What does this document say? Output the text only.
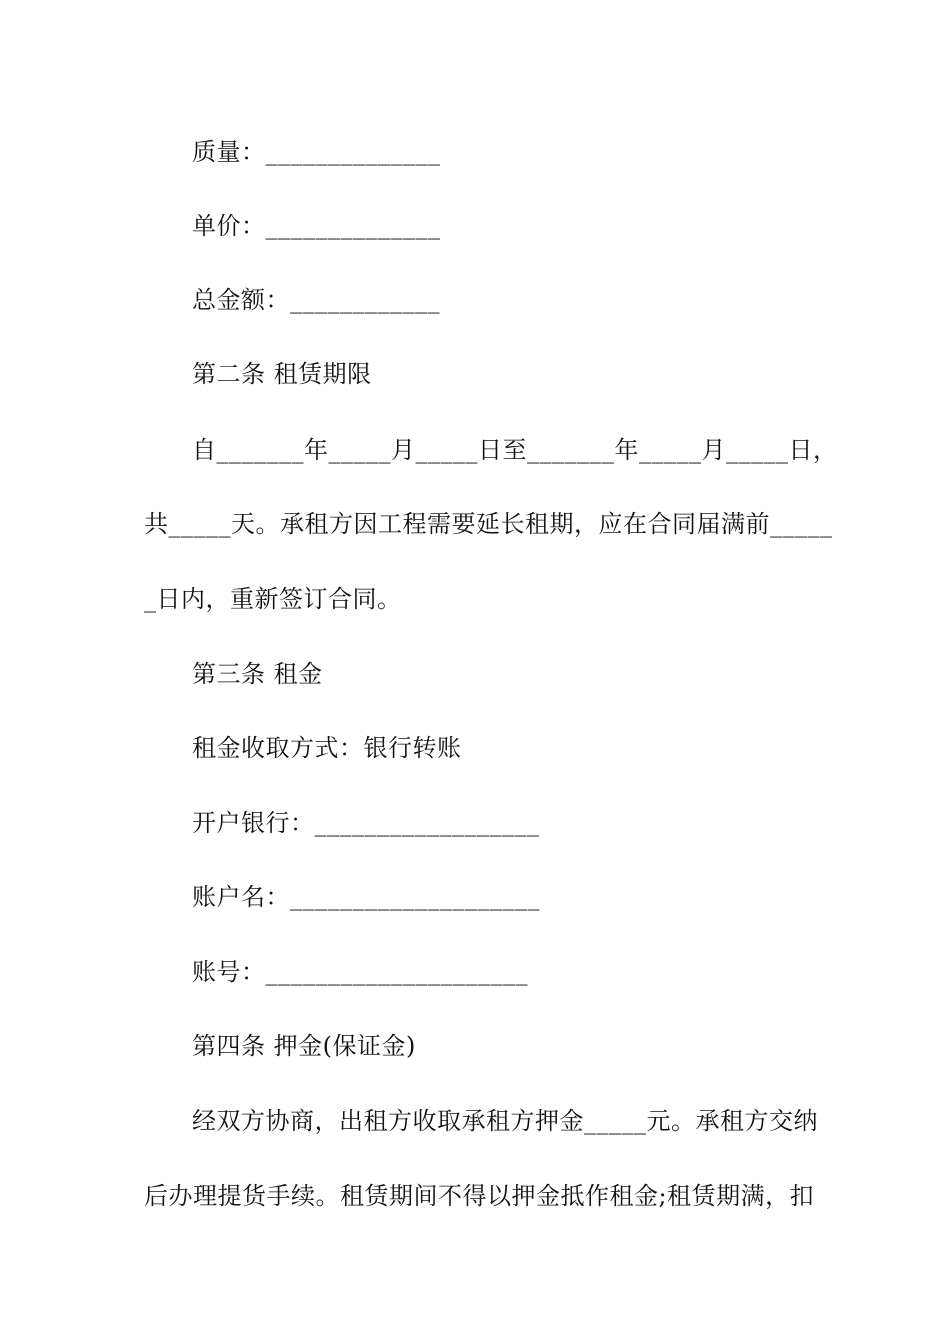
质量：______________
单价：______________
总金额：____________
第二条 租赁期限
自_______年_____月_____日至_______年_____月_____日，
共_____天。承租方因工程需要延长租期，应在合同届满前_____
_日内，重新签订合同。
第三条 租金
租金收取方式：银行转账
开户银行：__________________
账户名：____________________
账号：_____________________
第四条 押金(保证金)
经双方协商，出租方收取承租方押金_____元。承租方交纳
后办理提货手续。租赁期间不得以押金抵作租金;租赁期满，扣
